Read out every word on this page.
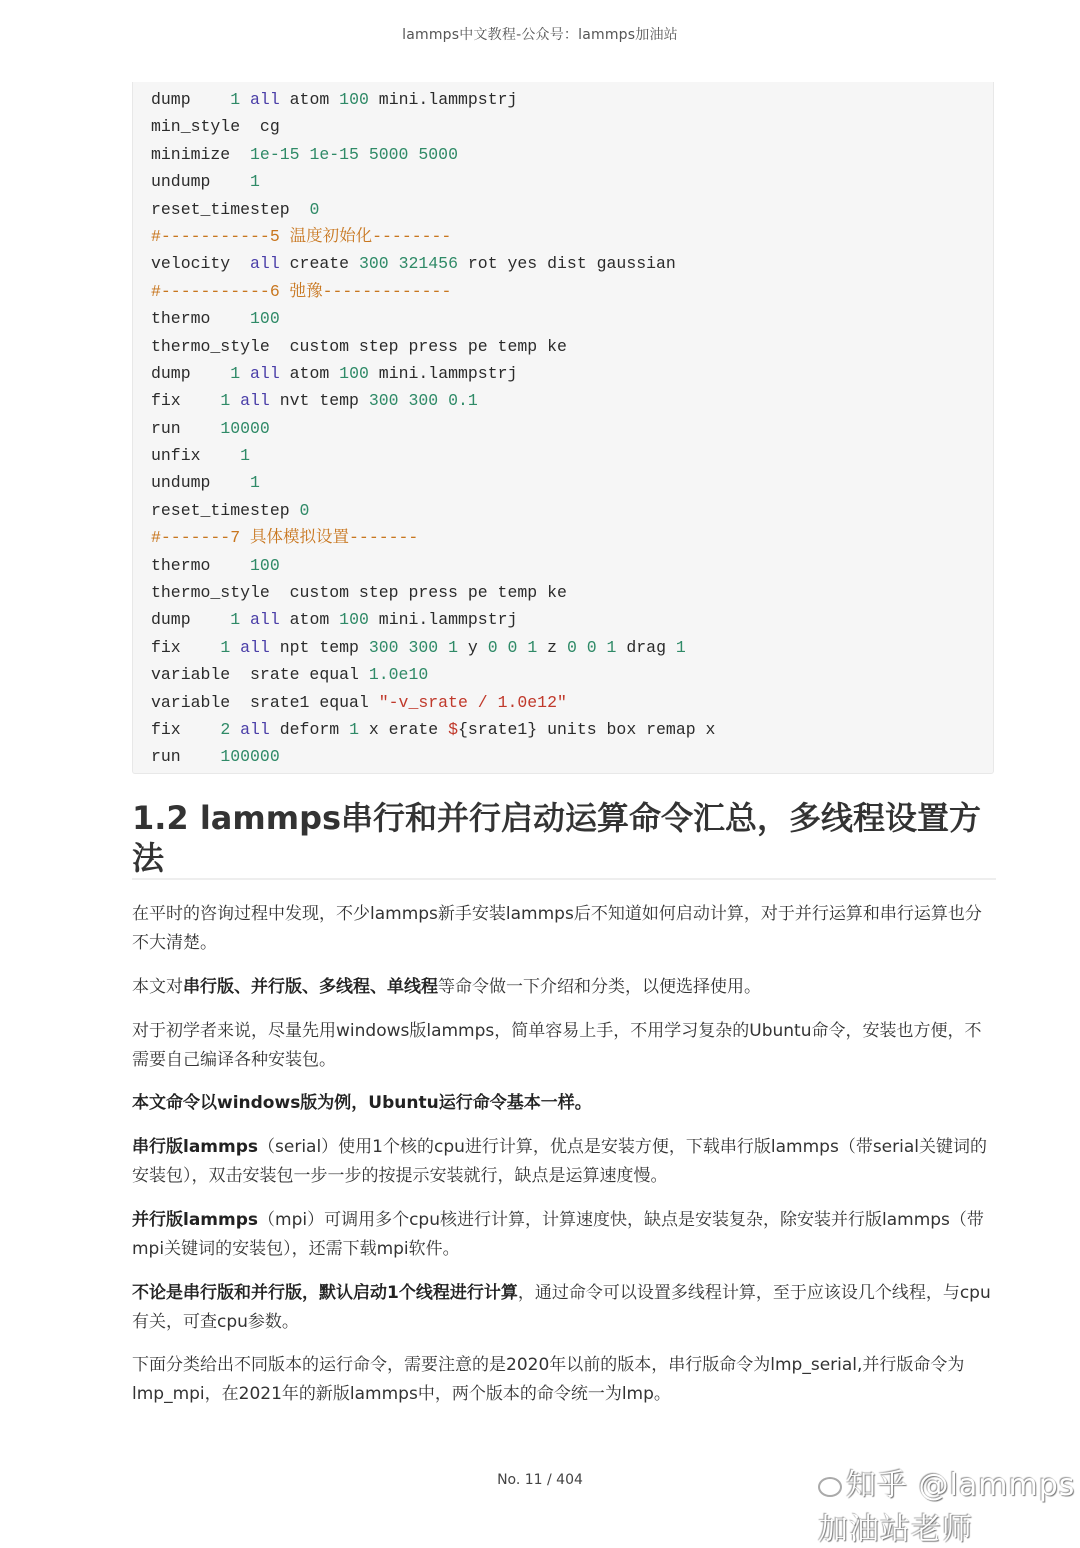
lammps中文教程-公众号：lammps加油站
dump    1 all atom 100 mini.lammpstrj
min_style  cg
minimize  1e-15 1e-15 5000 5000
undump    1
reset_timestep  0
#-----------5 温度初始化--------
velocity  all create 300 321456 rot yes dist gaussian
#-----------6 弛豫-------------
thermo    100
thermo_style  custom step press pe temp ke
dump    1 all atom 100 mini.lammpstrj
fix    1 all nvt temp 300 300 0.1
run    10000
unfix    1
undump    1
reset_timestep 0
#-------7 具体模拟设置-------
thermo    100
thermo_style  custom step press pe temp ke
dump    1 all atom 100 mini.lammpstrj
fix    1 all npt temp 300 300 1 y 0 0 1 z 0 0 1 drag 1
variable  srate equal 1.0e10
variable  srate1 equal "-v_srate / 1.0e12"
fix    2 all deform 1 x erate ${srate1} units box remap x
run    100000
1.2 lammps串行和并行启动运算命令汇总，多线程设置方法

在平时的咨询过程中发现，不少lammps新手安装lammps后不知道如何启动计算，对于并行运算和串行运算也分不大清楚。

本文对串行版、并行版、多线程、单线程等命令做一下介绍和分类，以便选择使用。

对于初学者来说，尽量先用windows版lammps，简单容易上手，不用学习复杂的Ubuntu命令，安装也方便，不需要自己编译各种安装包。

本文命令以windows版为例，Ubuntu运行命令基本一样。

串行版lammps（serial）使用1个核的cpu进行计算，优点是安装方便，下载串行版lammps（带serial关键词的安装包），双击安装包一步一步的按提示安装就行，缺点是运算速度慢。

并行版lammps（mpi）可调用多个cpu核进行计算，计算速度快，缺点是安装复杂，除安装并行版lammps（带mpi关键词的安装包），还需下载mpi软件。

不论是串行版和并行版，默认启动1个线程进行计算，通过命令可以设置多线程计算，至于应该设几个线程，与cpu有关，可查cpu参数。

下面分类给出不同版本的运行命令，需要注意的是2020年以前的版本，串行版命令为lmp_serial,并行版命令为lmp_mpi，在2021年的新版lammps中，两个版本的命令统一为lmp。

No. 11 / 404	知乎 @lammps 加油站老师
